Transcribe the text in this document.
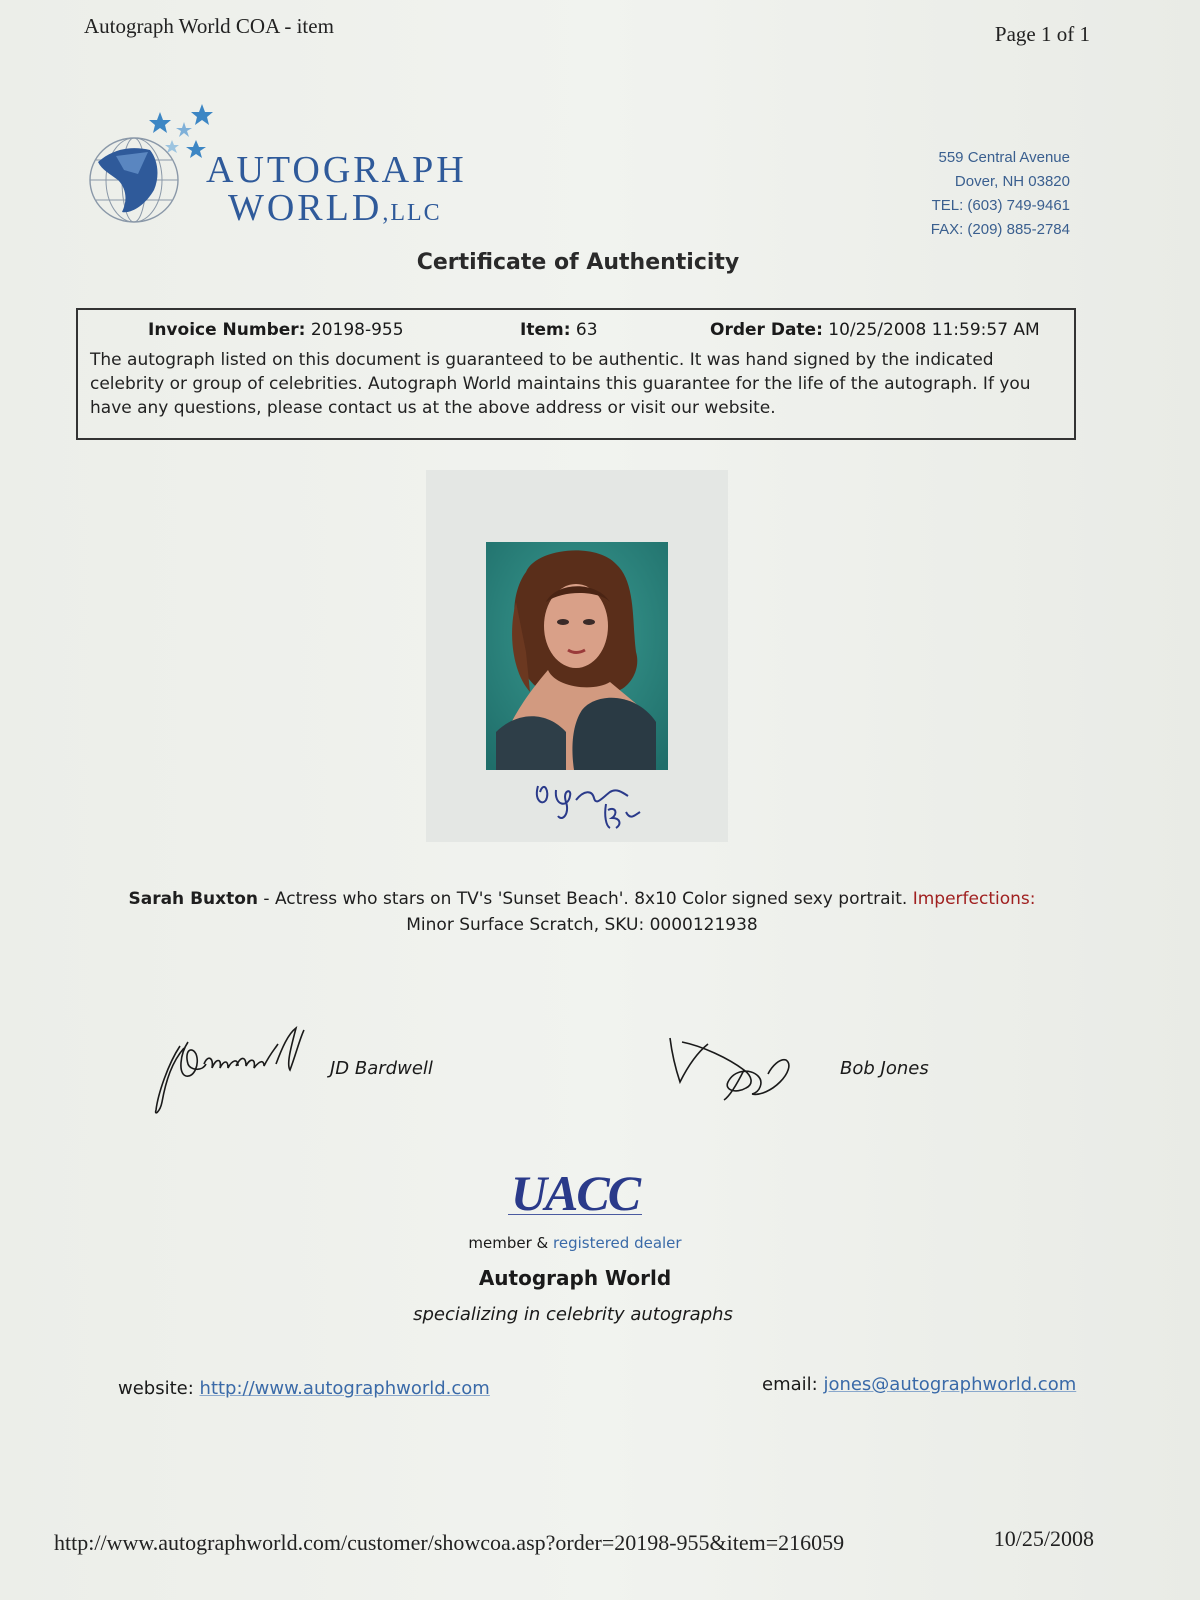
Autograph World COA - item	Page 1 of 1
AUTOGRAPH
WORLD,LLC
559 Central Avenue
Dover, NH 03820
TEL: (603) 749-9461
FAX: (209) 885-2784
Certificate of Authenticity
Invoice Number: 20198-955	Item: 63	Order Date: 10/25/2008 11:59:57 AM
The autograph listed on this document is guaranteed to be authentic. It was hand signed by the indicated celebrity or group of celebrities. Autograph World maintains this guarantee for the life of the autograph. If you have any questions, please contact us at the above address or visit our website.
Sarah Buxton - Actress who stars on TV's 'Sunset Beach'. 8x10 Color signed sexy portrait. Imperfections:
Minor Surface Scratch, SKU: 0000121938
JD Bardwell	Bob Jones
UACC
member & registered dealer
Autograph World
specializing in celebrity autographs
website: http://www.autographworld.com	email: jones@autographworld.com
http://www.autographworld.com/customer/showcoa.asp?order=20198-955&item=216059	10/25/2008
